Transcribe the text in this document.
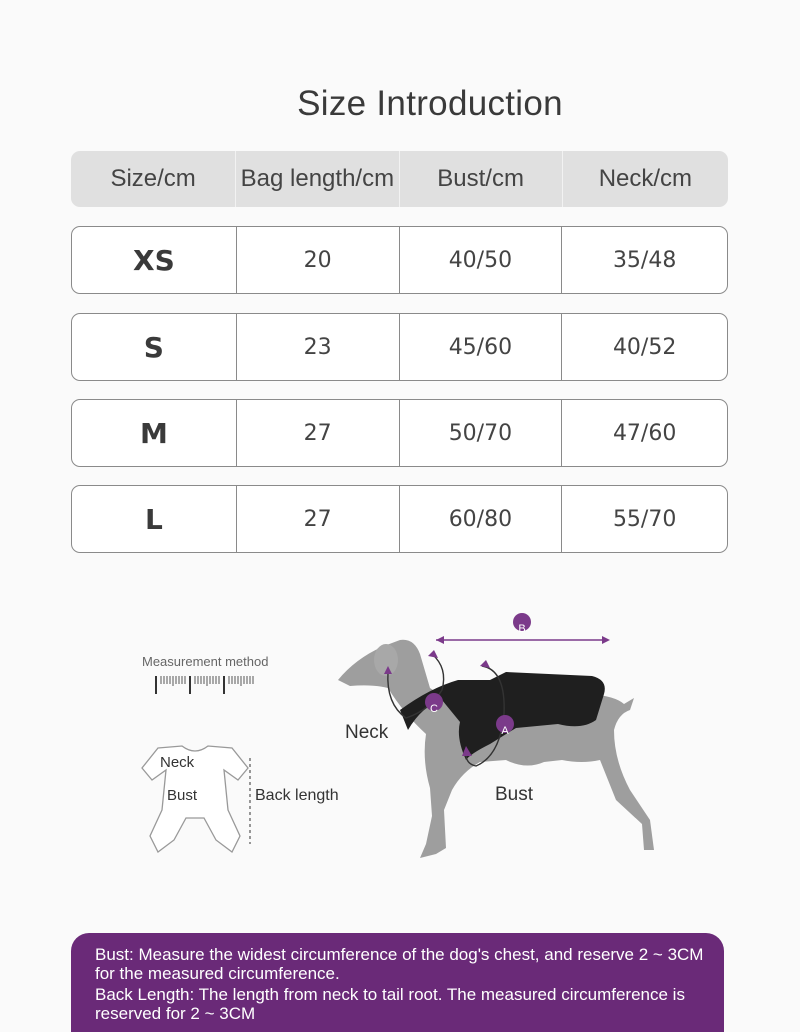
Size Introduction
Size/cm	Bag length/cm	Bust/cm	Neck/cm
XS	20	40/50	35/48
S	23	45/60	40/52
M	27	50/70	47/60
L	27	60/80	55/70
Measurement method
Neck
Bust	Back length
B
C
A
Neck
Bust

Bust: Measure the widest circumference of the dog's chest, and reserve 2 ~ 3CM for the measured circumference.

Back Length: The length from neck to tail root. The measured circumference is reserved for 2 ~ 3CM
